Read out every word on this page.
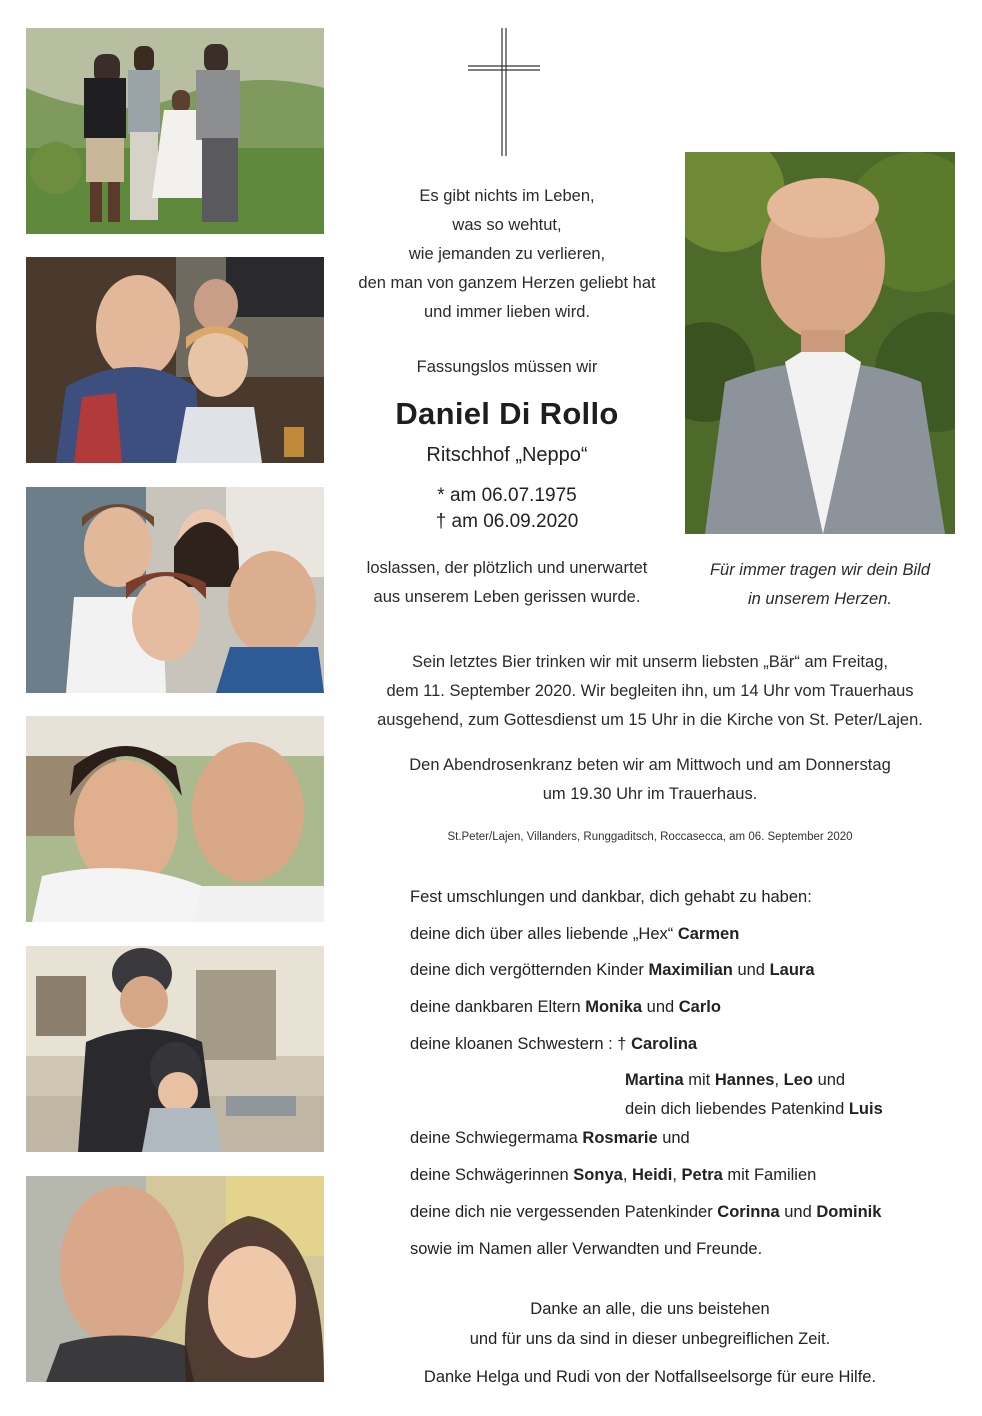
Es gibt nichts im Leben,
was so wehtut,
wie jemanden zu verlieren,
den man von ganzem Herzen geliebt hat
und immer lieben wird.
Fassungslos müssen wir
Daniel Di Rollo
Ritschhof „Neppo“
* am 06.07.1975
† am 06.09.2020
loslassen, der plötzlich und unerwartet
aus unserem Leben gerissen wurde.
Für immer tragen wir dein Bild
in unserem Herzen.
Sein letztes Bier trinken wir mit unserm liebsten „Bär“ am Freitag,
dem 11. September 2020. Wir begleiten ihn, um 14 Uhr vom Trauerhaus
ausgehend, zum Gottesdienst um 15 Uhr in die Kirche von St. Peter/Lajen.
Den Abendrosenkranz beten wir am Mittwoch und am Donnerstag
um 19.30 Uhr im Trauerhaus.
St.Peter/Lajen, Villanders, Runggaditsch, Roccasecca, am 06. September 2020
Fest umschlungen und dankbar, dich gehabt zu haben:
deine dich über alles liebende „Hex“ Carmen
deine dich vergötternden Kinder Maximilian und Laura
deine dankbaren Eltern Monika und Carlo
deine kloanen Schwestern : † Carolina
Martina mit Hannes, Leo und
dein dich liebendes Patenkind Luis
deine Schwiegermama Rosmarie und
deine Schwägerinnen Sonya, Heidi, Petra mit Familien
deine dich nie vergessenden Patenkinder Corinna und Dominik
sowie im Namen aller Verwandten und Freunde.
Danke an alle, die uns beistehen
und für uns da sind in dieser unbegreiflichen Zeit.
Danke Helga und Rudi von der Notfallseelsorge für eure Hilfe.
